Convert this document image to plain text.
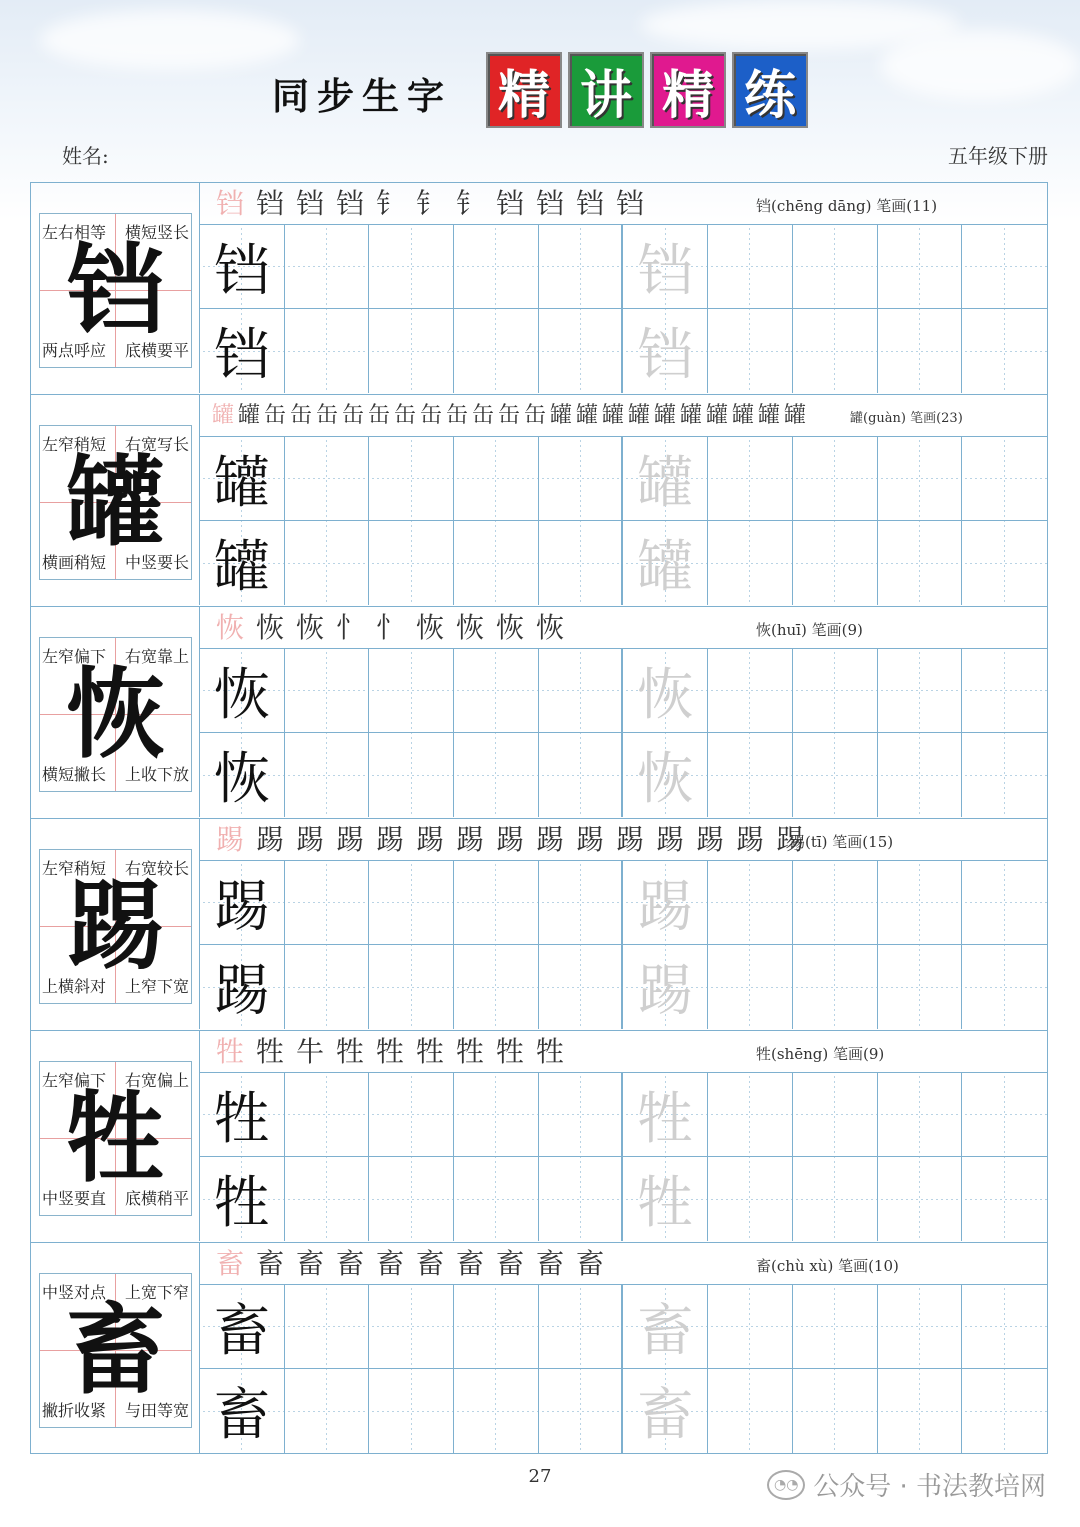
同步生字 精 讲 精 练
姓名:	五年级下册
左右相等 横短竖长
两点呼应 底横要平
铛
铛 铛 铛 铛 钅 钅 钅 铛 铛 铛 铛	铛(chēng dāng) 笔画(11)
铛	铛
铛	铛
左窄稍短 右宽写长
横画稍短 中竖要长
罐
罐 罐 缶 缶 缶 缶 缶 缶 缶 缶 缶 缶 缶 罐 罐 罐 罐 罐 罐 罐 罐 罐 罐	罐(guàn) 笔画(23)
罐	罐
罐	罐
左窄偏下 右宽靠上
横短撇长 上收下放
恢
恢 恢 恢 忄 忄 恢 恢 恢 恢	恢(huī) 笔画(9)
恢	恢
恢	恢
左窄稍短 右宽较长
上横斜对 上窄下宽
踢
踢 踢 踢 踢 踢 踢 踢 踢 踢 踢 踢 踢 踢 踢 踢
踢(tī) 笔画(15)
踢	踢
踢	踢
左窄偏下 右宽偏上
中竖要直 底横稍平
牲
牲 牲 牛 牲 牲 牲 牲 牲 牲	牲(shēng) 笔画(9)
牲	牲
牲	牲
中竖对点 上宽下窄
撇折收紧 与田等宽
畜
畜 畜 畜 畜 畜 畜 畜 畜 畜 畜	畜(chù xù) 笔画(10)
畜	畜
畜	畜
27	◔◔ 公众号 · 书法教培网
